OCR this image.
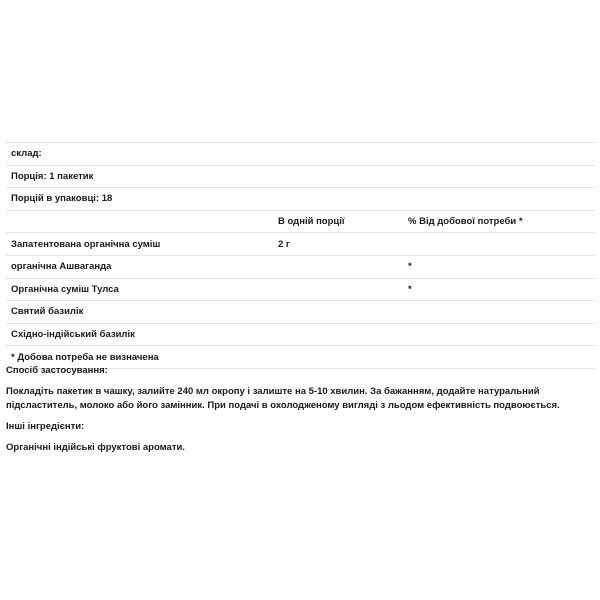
склад:		
Порція: 1 пакетик		
Порцій в упаковці: 18		
	В одній порції	% Від добової потреби *
Запатентована органічна суміш	2 г	
органічна Ашваганда		*
Органічна суміш Тулса		*
Святий базилік		
Східно-індійський базилік		
* Добова потреба не визначена		
Спосіб застосування:
Покладіть пакетик в чашку, залийте 240 мл окропу і залиште на 5-10 хвилин. За бажанням, додайте натуральний підсластитель, молоко або його замінник. При подачі в охолодженому вигляді з льодом ефективність подвоюється.
Інші інгредієнти:
Органічні індійські фруктові аромати.
